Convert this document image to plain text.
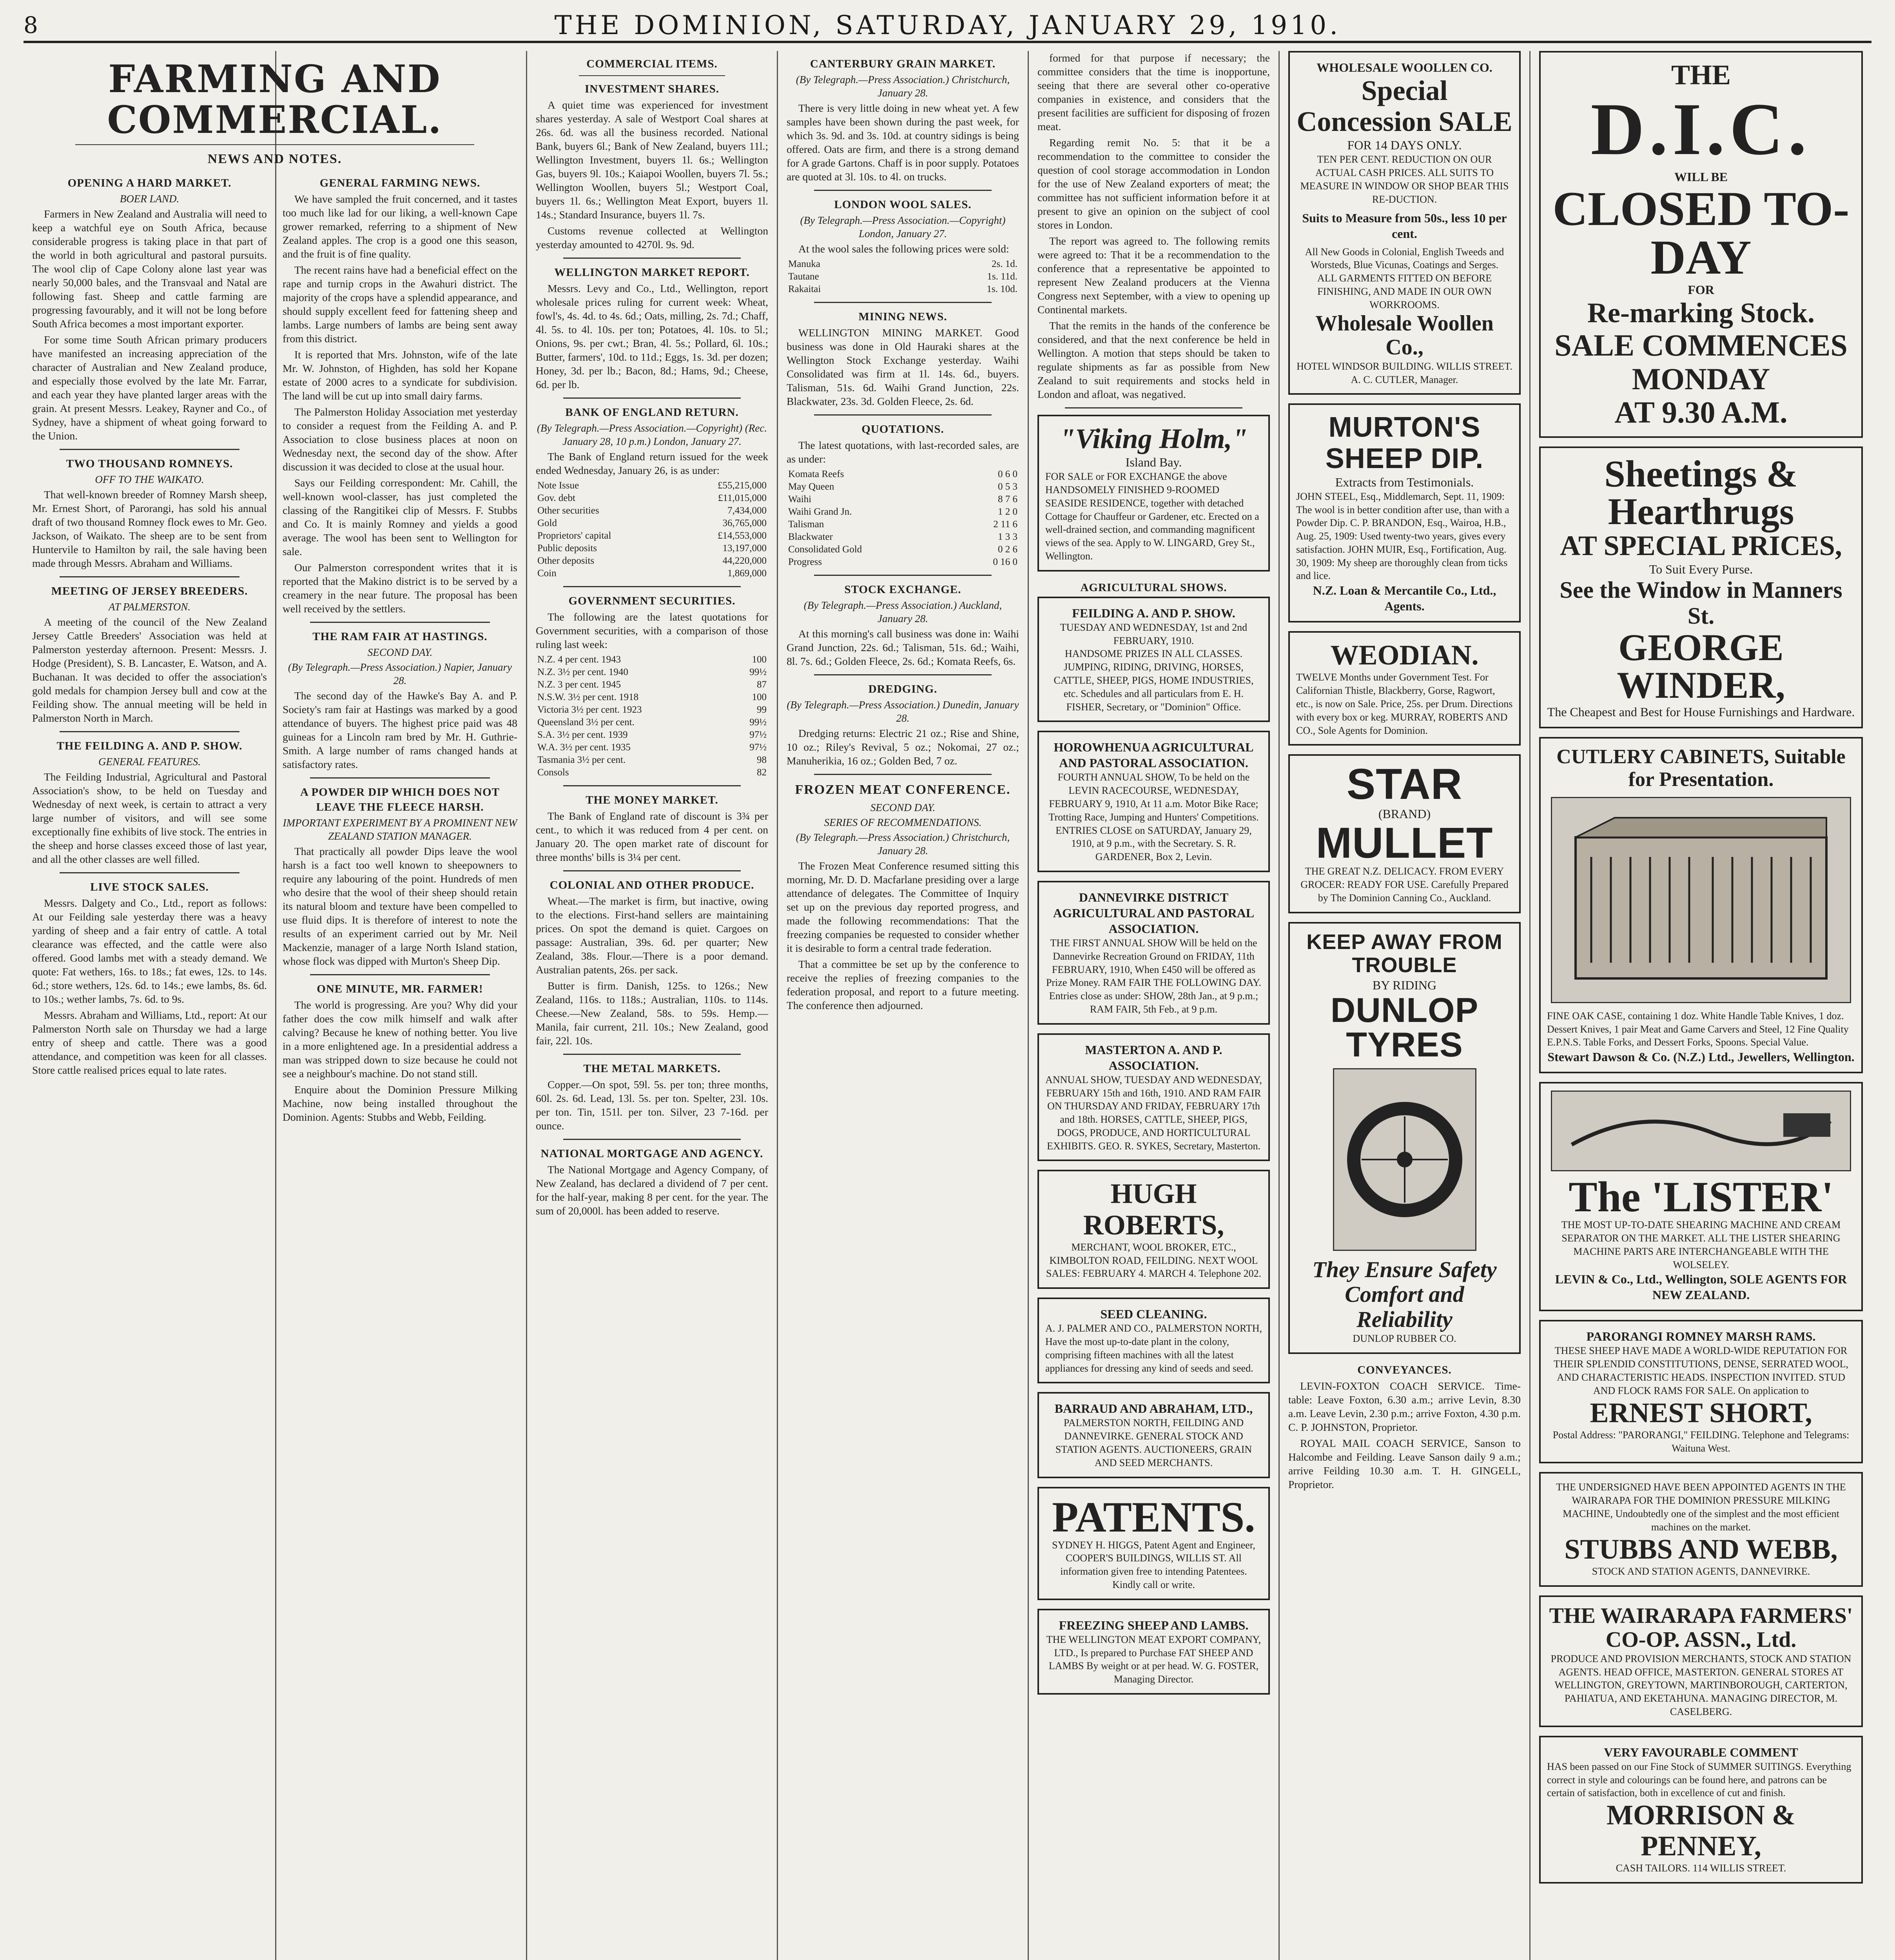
8	THE DOMINION, SATURDAY, JANUARY 29, 1910.
FARMING AND COMMERCIAL.
NEWS AND NOTES.
OPENING A HARD MARKET.
BOER LAND.

Farmers in New Zealand and Australia will need to keep a watchful eye on South Africa, because considerable progress is taking place in that part of the world in both agricultural and pastoral pursuits. The wool clip of Cape Colony alone last year was nearly 50,000 bales, and the Transvaal and Natal are following fast. Sheep and cattle farming are progressing favourably, and it will not be long before South Africa becomes a most important exporter.

For some time South African primary producers have manifested an increasing appreciation of the character of Australian and New Zealand produce, and especially those evolved by the late Mr. Farrar, and each year they have planted larger areas with the grain. At present Messrs. Leakey, Rayner and Co., of Sydney, have a shipment of wheat going forward to the Union.

TWO THOUSAND ROMNEYS.
OFF TO THE WAIKATO.

That well-known breeder of Romney Marsh sheep, Mr. Ernest Short, of Parorangi, has sold his annual draft of two thousand Romney flock ewes to Mr. Geo. Jackson, of Waikato. The sheep are to be sent from Huntervile to Hamilton by rail, the sale having been made through Messrs. Abraham and Williams.

MEETING OF JERSEY BREEDERS.
AT PALMERSTON.

A meeting of the council of the New Zealand Jersey Cattle Breeders' Association was held at Palmerston yesterday afternoon. Present: Messrs. J. Hodge (President), S. B. Lancaster, E. Watson, and A. Buchanan. It was decided to offer the association's gold medals for champion Jersey bull and cow at the Feilding show. The annual meeting will be held in Palmerston North in March.

THE FEILDING A. AND P. SHOW.
GENERAL FEATURES.

The Feilding Industrial, Agricultural and Pastoral Association's show, to be held on Tuesday and Wednesday of next week, is certain to attract a very large number of visitors, and will see some exceptionally fine exhibits of live stock. The entries in the sheep and horse classes exceed those of last year, and all the other classes are well filled.

LIVE STOCK SALES.

Messrs. Dalgety and Co., Ltd., report as follows: At our Feilding sale yesterday there was a heavy yarding of sheep and a fair entry of cattle. A total clearance was effected, and the cattle were also offered. Good lambs met with a steady demand. We quote: Fat wethers, 16s. to 18s.; fat ewes, 12s. to 14s. 6d.; store wethers, 12s. 6d. to 14s.; ewe lambs, 8s. 6d. to 10s.; wether lambs, 7s. 6d. to 9s.

Messrs. Abraham and Williams, Ltd., report: At our Palmerston North sale on Thursday we had a large entry of sheep and cattle. There was a good attendance, and competition was keen for all classes. Store cattle realised prices equal to late rates.

GENERAL FARMING NEWS.

We have sampled the fruit concerned, and it tastes too much like lad for our liking, a well-known Cape grower remarked, referring to a shipment of New Zealand apples. The crop is a good one this season, and the fruit is of fine quality.

The recent rains have had a beneficial effect on the rape and turnip crops in the Awahuri district. The majority of the crops have a splendid appearance, and should supply excellent feed for fattening sheep and lambs. Large numbers of lambs are being sent away from this district.

It is reported that Mrs. Johnston, wife of the late Mr. W. Johnston, of Highden, has sold her Kopane estate of 2000 acres to a syndicate for subdivision. The land will be cut up into small dairy farms.

The Palmerston Holiday Association met yesterday to consider a request from the Feilding A. and P. Association to close business places at noon on Wednesday next, the second day of the show. After discussion it was decided to close at the usual hour.

Says our Feilding correspondent: Mr. Cahill, the well-known wool-classer, has just completed the classing of the Rangitikei clip of Messrs. F. Stubbs and Co. It is mainly Romney and yields a good average. The wool has been sent to Wellington for sale.

Our Palmerston correspondent writes that it is reported that the Makino district is to be served by a creamery in the near future. The proposal has been well received by the settlers.

THE RAM FAIR AT HASTINGS.
SECOND DAY.
(By Telegraph.—Press Association.) Napier, January 28.

The second day of the Hawke's Bay A. and P. Society's ram fair at Hastings was marked by a good attendance of buyers. The highest price paid was 48 guineas for a Lincoln ram bred by Mr. H. Guthrie-Smith. A large number of rams changed hands at satisfactory rates.

A POWDER DIP WHICH DOES NOT LEAVE THE FLEECE HARSH.
IMPORTANT EXPERIMENT BY A PROMINENT NEW ZEALAND STATION MANAGER.

That practically all powder Dips leave the wool harsh is a fact too well known to sheepowners to require any labouring of the point. Hundreds of men who desire that the wool of their sheep should retain its natural bloom and texture have been compelled to use fluid dips. It is therefore of interest to note the results of an experiment carried out by Mr. Neil Mackenzie, manager of a large North Island station, whose flock was dipped with Murton's Sheep Dip.

ONE MINUTE, MR. FARMER!

The world is progressing. Are you? Why did your father does the cow milk himself and walk after calving? Because he knew of nothing better. You live in a more enlightened age. In a presidential address a man was stripped down to size because he could not see a neighbour's machine. Do not stand still.

Enquire about the Dominion Pressure Milking Machine, now being installed throughout the Dominion. Agents: Stubbs and Webb, Feilding.

COMMERCIAL ITEMS.
INVESTMENT SHARES.

A quiet time was experienced for investment shares yesterday. A sale of Westport Coal shares at 26s. 6d. was all the business recorded. National Bank, buyers 6l.; Bank of New Zealand, buyers 11l.; Wellington Investment, buyers 1l. 6s.; Wellington Gas, buyers 9l. 10s.; Kaiapoi Woollen, buyers 7l. 5s.; Wellington Woollen, buyers 5l.; Westport Coal, buyers 1l. 6s.; Wellington Meat Export, buyers 1l. 14s.; Standard Insurance, buyers 1l. 7s.

Customs revenue collected at Wellington yesterday amounted to 4270l. 9s. 9d.

WELLINGTON MARKET REPORT.

Messrs. Levy and Co., Ltd., Wellington, report wholesale prices ruling for current week: Wheat, fowl's, 4s. 4d. to 4s. 6d.; Oats, milling, 2s. 7d.; Chaff, 4l. 5s. to 4l. 10s. per ton; Potatoes, 4l. 10s. to 5l.; Onions, 9s. per cwt.; Bran, 4l. 5s.; Pollard, 6l. 10s.; Butter, farmers', 10d. to 11d.; Eggs, 1s. 3d. per dozen; Honey, 3d. per lb.; Bacon, 8d.; Hams, 9d.; Cheese, 6d. per lb.

BANK OF ENGLAND RETURN.
(By Telegraph.—Press Association.—Copyright) (Rec. January 28, 10 p.m.) London, January 27.

The Bank of England return issued for the week ended Wednesday, January 26, is as under:

Note Issue	£55,215,000
Gov. debt	£11,015,000
Other securities	7,434,000
Gold	36,765,000
Proprietors' capital	£14,553,000
Public deposits	13,197,000
Other deposits	44,220,000
Coin	1,869,000
GOVERNMENT SECURITIES.

The following are the latest quotations for Government securities, with a comparison of those ruling last week:

N.Z. 4 per cent. 1943	100
N.Z. 3½ per cent. 1940	99½
N.Z. 3 per cent. 1945	87
N.S.W. 3½ per cent. 1918	100
Victoria 3½ per cent. 1923	99
Queensland 3½ per cent.	99½
S.A. 3½ per cent. 1939	97½
W.A. 3½ per cent. 1935	97½
Tasmania 3½ per cent.	98
Consols	82
THE MONEY MARKET.

The Bank of England rate of discount is 3¾ per cent., to which it was reduced from 4 per cent. on January 20. The open market rate of discount for three months' bills is 3¼ per cent.

COLONIAL AND OTHER PRODUCE.

Wheat.—The market is firm, but inactive, owing to the elections. First-hand sellers are maintaining prices. On spot the demand is quiet. Cargoes on passage: Australian, 39s. 6d. per quarter; New Zealand, 38s. Flour.—There is a poor demand. Australian patents, 26s. per sack.

Butter is firm. Danish, 125s. to 126s.; New Zealand, 116s. to 118s.; Australian, 110s. to 114s. Cheese.—New Zealand, 58s. to 59s. Hemp.—Manila, fair current, 21l. 10s.; New Zealand, good fair, 22l. 10s.

THE METAL MARKETS.

Copper.—On spot, 59l. 5s. per ton; three months, 60l. 2s. 6d. Lead, 13l. 5s. per ton. Spelter, 23l. 10s. per ton. Tin, 151l. per ton. Silver, 23 7-16d. per ounce.

NATIONAL MORTGAGE AND AGENCY.

The National Mortgage and Agency Company, of New Zealand, has declared a dividend of 7 per cent. for the half-year, making 8 per cent. for the year. The sum of 20,000l. has been added to reserve.

CANTERBURY GRAIN MARKET.
(By Telegraph.—Press Association.) Christchurch, January 28.

There is very little doing in new wheat yet. A few samples have been shown during the past week, for which 3s. 9d. and 3s. 10d. at country sidings is being offered. Oats are firm, and there is a strong demand for A grade Gartons. Chaff is in poor supply. Potatoes are quoted at 3l. 10s. to 4l. on trucks.

LONDON WOOL SALES.
(By Telegraph.—Press Association.—Copyright) London, January 27.

At the wool sales the following prices were sold:

Manuka	2s. 1d.
Tautane	1s. 11d.
Rakaitai	1s. 10d.
MINING NEWS.

WELLINGTON MINING MARKET. Good business was done in Old Hauraki shares at the Wellington Stock Exchange yesterday. Waihi Consolidated was firm at 1l. 14s. 6d., buyers. Talisman, 51s. 6d. Waihi Grand Junction, 22s. Blackwater, 23s. 3d. Golden Fleece, 2s. 6d.

QUOTATIONS.

The latest quotations, with last-recorded sales, are as under:

Komata Reefs	0 6 0
May Queen	0 5 3
Waihi	8 7 6
Waihi Grand Jn.	1 2 0
Talisman	2 11 6
Blackwater	1 3 3
Consolidated Gold	0 2 6
Progress	0 16 0
STOCK EXCHANGE.
(By Telegraph.—Press Association.) Auckland, January 28.

At this morning's call business was done in: Waihi Grand Junction, 22s. 6d.; Talisman, 51s. 6d.; Waihi, 8l. 7s. 6d.; Golden Fleece, 2s. 6d.; Komata Reefs, 6s.

DREDGING.
(By Telegraph.—Press Association.) Dunedin, January 28.

Dredging returns: Electric 21 oz.; Rise and Shine, 10 oz.; Riley's Revival, 5 oz.; Nokomai, 27 oz.; Manuherikia, 16 oz.; Golden Bed, 7 oz.

FROZEN MEAT CONFERENCE.
SECOND DAY.
SERIES OF RECOMMENDATIONS.
(By Telegraph.—Press Association.) Christchurch, January 28.

The Frozen Meat Conference resumed sitting this morning, Mr. D. D. Macfarlane presiding over a large attendance of delegates. The Committee of Inquiry set up on the previous day reported progress, and made the following recommendations: That the freezing companies be requested to consider whether it is desirable to form a central trade federation.

That a committee be set up by the conference to receive the replies of freezing companies to the federation proposal, and report to a future meeting. The conference then adjourned.

formed for that purpose if necessary; the committee considers that the time is inopportune, seeing that there are several other co-operative companies in existence, and considers that the present facilities are sufficient for disposing of frozen meat.

Regarding remit No. 5: that it be a recommendation to the committee to consider the question of cool storage accommodation in London for the use of New Zealand exporters of meat; the committee has not sufficient information before it at present to give an opinion on the subject of cool stores in London.

The report was agreed to. The following remits were agreed to: That it be a recommendation to the conference that a representative be appointed to represent New Zealand producers at the Vienna Congress next September, with a view to opening up Continental markets.

That the remits in the hands of the conference be considered, and that the next conference be held in Wellington. A motion that steps should be taken to regulate shipments as far as possible from New Zealand to suit requirements and stocks held in London and afloat, was negatived.

"Viking Holm,"
Island Bay.
FOR SALE or FOR EXCHANGE the above HANDSOMELY FINISHED 9-ROOMED SEASIDE RESIDENCE, together with detached Cottage for Chauffeur or Gardener, etc. Erected on a well-drained section, and commanding magnificent views of the sea. Apply to W. LINGARD, Grey St., Wellington.
AGRICULTURAL SHOWS.
FEILDING A. AND P. SHOW.
TUESDAY AND WEDNESDAY, 1st and 2nd FEBRUARY, 1910.
HANDSOME PRIZES IN ALL CLASSES. JUMPING, RIDING, DRIVING, HORSES, CATTLE, SHEEP, PIGS, HOME INDUSTRIES, etc. Schedules and all particulars from E. H. FISHER, Secretary, or "Dominion" Office.
HOROWHENUA AGRICULTURAL AND PASTORAL ASSOCIATION.
FOURTH ANNUAL SHOW, To be held on the LEVIN RACECOURSE, WEDNESDAY, FEBRUARY 9, 1910, At 11 a.m. Motor Bike Race; Trotting Race, Jumping and Hunters' Competitions. ENTRIES CLOSE on SATURDAY, January 29, 1910, at 9 p.m., with the Secretary. S. R. GARDENER, Box 2, Levin.
DANNEVIRKE DISTRICT AGRICULTURAL AND PASTORAL ASSOCIATION.
THE FIRST ANNUAL SHOW Will be held on the Dannevirke Recreation Ground on FRIDAY, 11th FEBRUARY, 1910, When £450 will be offered as Prize Money. RAM FAIR THE FOLLOWING DAY. Entries close as under: SHOW, 28th Jan., at 9 p.m.; RAM FAIR, 5th Feb., at 9 p.m.
MASTERTON A. AND P. ASSOCIATION.
ANNUAL SHOW, TUESDAY AND WEDNESDAY, FEBRUARY 15th and 16th, 1910. AND RAM FAIR ON THURSDAY AND FRIDAY, FEBRUARY 17th and 18th. HORSES, CATTLE, SHEEP, PIGS, DOGS, PRODUCE, AND HORTICULTURAL EXHIBITS. GEO. R. SYKES, Secretary, Masterton.
HUGH ROBERTS,
MERCHANT, WOOL BROKER, ETC., KIMBOLTON ROAD, FEILDING. NEXT WOOL SALES: FEBRUARY 4. MARCH 4. Telephone 202.
SEED CLEANING.
A. J. PALMER AND CO., PALMERSTON NORTH, Have the most up-to-date plant in the colony, comprising fifteen machines with all the latest appliances for dressing any kind of seeds and seed.
BARRAUD AND ABRAHAM, LTD.,
PALMERSTON NORTH, FEILDING AND DANNEVIRKE. GENERAL STOCK AND STATION AGENTS. AUCTIONEERS, GRAIN AND SEED MERCHANTS.
PATENTS.
SYDNEY H. HIGGS, Patent Agent and Engineer, COOPER'S BUILDINGS, WILLIS ST. All information given free to intending Patentees. Kindly call or write.
FREEZING SHEEP AND LAMBS.
THE WELLINGTON MEAT EXPORT COMPANY, LTD., Is prepared to Purchase FAT SHEEP AND LAMBS By weight or at per head. W. G. FOSTER, Managing Director.
WHOLESALE WOOLLEN CO.
Special Concession SALE
FOR 14 DAYS ONLY.
TEN PER CENT. REDUCTION ON OUR ACTUAL CASH PRICES. ALL SUITS TO MEASURE IN WINDOW OR SHOP BEAR THIS RE-DUCTION.
Suits to Measure from 50s., less 10 per cent.
All New Goods in Colonial, English Tweeds and Worsteds, Blue Vicunas, Coatings and Serges.
ALL GARMENTS FITTED ON BEFORE FINISHING, AND MADE IN OUR OWN WORKROOMS.
Wholesale Woollen Co.,
HOTEL WINDSOR BUILDING. WILLIS STREET. A. C. CUTLER, Manager.
MURTON'S SHEEP DIP.
Extracts from Testimonials.
JOHN STEEL, Esq., Middlemarch, Sept. 11, 1909: The wool is in better condition after use, than with a Powder Dip. C. P. BRANDON, Esq., Wairoa, H.B., Aug. 25, 1909: Used twenty-two years, gives every satisfaction. JOHN MUIR, Esq., Fortification, Aug. 30, 1909: My sheep are thoroughly clean from ticks and lice.
N.Z. Loan & Mercantile Co., Ltd., Agents.
WEODIAN.
TWELVE Months under Government Test. For Californian Thistle, Blackberry, Gorse, Ragwort, etc., is now on Sale. Price, 25s. per Drum. Directions with every box or keg. MURRAY, ROBERTS AND CO., Sole Agents for Dominion.
STAR
(BRAND)
MULLET
THE GREAT N.Z. DELICACY. FROM EVERY GROCER: READY FOR USE. Carefully Prepared by The Dominion Canning Co., Auckland.
KEEP AWAY FROM TROUBLE
BY RIDING
DUNLOP TYRES
They Ensure Safety Comfort and Reliability
DUNLOP RUBBER CO.
CONVEYANCES.

LEVIN-FOXTON COACH SERVICE. Time-table: Leave Foxton, 6.30 a.m.; arrive Levin, 8.30 a.m. Leave Levin, 2.30 p.m.; arrive Foxton, 4.30 p.m. C. P. JOHNSTON, Proprietor.

ROYAL MAIL COACH SERVICE, Sanson to Halcombe and Feilding. Leave Sanson daily 9 a.m.; arrive Feilding 10.30 a.m. T. H. GINGELL, Proprietor.

THE
D.I.C.
WILL BE
CLOSED TO-DAY
FOR
Re-marking Stock.
SALE COMMENCES MONDAY
AT 9.30 A.M.
Sheetings & Hearthrugs
AT SPECIAL PRICES,
To Suit Every Purse.
See the Window in Manners St.
GEORGE WINDER,
The Cheapest and Best for House Furnishings and Hardware.
CUTLERY CABINETS, Suitable for Presentation.
FINE OAK CASE, containing 1 doz. White Handle Table Knives, 1 doz. Dessert Knives, 1 pair Meat and Game Carvers and Steel, 12 Fine Quality E.P.N.S. Table Forks, and Dessert Forks, Spoons. Special Value.
Stewart Dawson & Co. (N.Z.) Ltd., Jewellers, Wellington.
The 'LISTER'
THE MOST UP-TO-DATE SHEARING MACHINE AND CREAM SEPARATOR ON THE MARKET. ALL THE LISTER SHEARING MACHINE PARTS ARE INTERCHANGEABLE WITH THE WOLSELEY.
LEVIN & Co., Ltd., Wellington, SOLE AGENTS FOR NEW ZEALAND.
PARORANGI ROMNEY MARSH RAMS.
THESE SHEEP HAVE MADE A WORLD-WIDE REPUTATION FOR THEIR SPLENDID CONSTITUTIONS, DENSE, SERRATED WOOL, AND CHARACTERISTIC HEADS. INSPECTION INVITED. STUD AND FLOCK RAMS FOR SALE. On application to
ERNEST SHORT,
Postal Address: "PARORANGI," FEILDING. Telephone and Telegrams: Waituna West.
THE UNDERSIGNED HAVE BEEN APPOINTED AGENTS IN THE WAIRARAPA FOR THE DOMINION PRESSURE MILKING MACHINE, Undoubtedly one of the simplest and the most efficient machines on the market.
STUBBS AND WEBB,
STOCK AND STATION AGENTS, DANNEVIRKE.
THE WAIRARAPA FARMERS' CO-OP. ASSN., Ltd.
PRODUCE AND PROVISION MERCHANTS, STOCK AND STATION AGENTS. HEAD OFFICE, MASTERTON. GENERAL STORES AT WELLINGTON, GREYTOWN, MARTINBOROUGH, CARTERTON, PAHIATUA, AND EKETAHUNA. MANAGING DIRECTOR, M. CASELBERG.
VERY FAVOURABLE COMMENT
HAS been passed on our Fine Stock of SUMMER SUITINGS. Everything correct in style and colourings can be found here, and patrons can be certain of satisfaction, both in excellence of cut and finish.
MORRISON & PENNEY,
CASH TAILORS. 114 WILLIS STREET.
